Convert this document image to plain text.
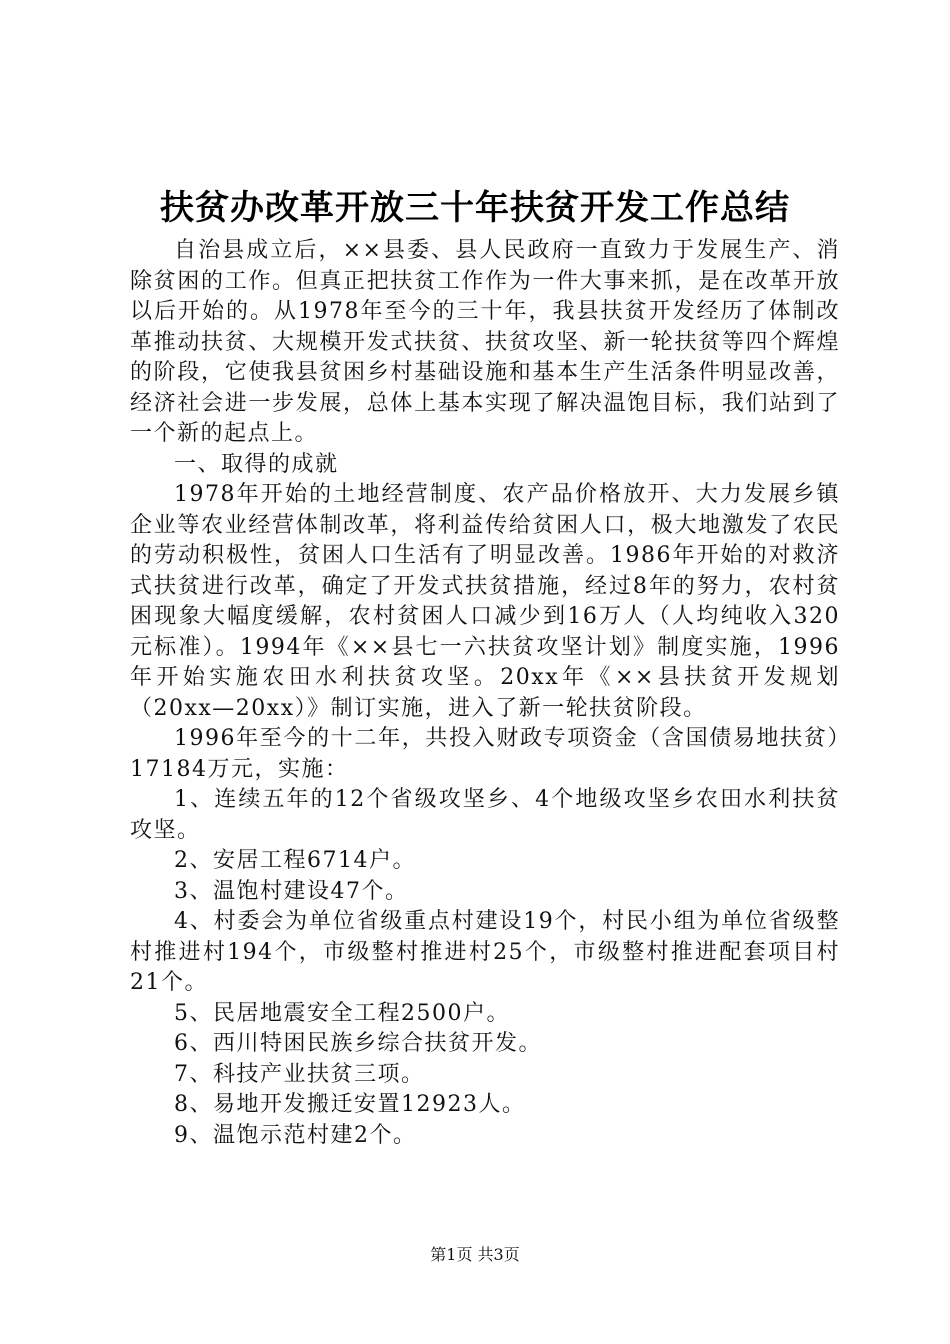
扶贫办改革开放三十年扶贫开发工作总结

自治县成立后，××县委、县人民政府一直致力于发展生产、消除贫困的工作。但真正把扶贫工作作为一件大事来抓，是在改革开放以后开始的。从1978年至今的三十年，我县扶贫开发经历了体制改革推动扶贫、大规模开发式扶贫、扶贫攻坚、新一轮扶贫等四个辉煌的阶段，它使我县贫困乡村基础设施和基本生产生活条件明显改善，经济社会进一步发展，总体上基本实现了解决温饱目标，我们站到了一个新的起点上。

一、取得的成就

1978年开始的土地经营制度、农产品价格放开、大力发展乡镇企业等农业经营体制改革，将利益传给贫困人口，极大地激发了农民的劳动积极性，贫困人口生活有了明显改善。1986年开始的对救济式扶贫进行改革，确定了开发式扶贫措施，经过8年的努力，农村贫困现象大幅度缓解，农村贫困人口减少到16万人（人均纯收入320元标准）。1994年《××县七一六扶贫攻坚计划》制度实施，1996年开始实施农田水利扶贫攻坚。20xx年《××县扶贫开发规划（20xx—20xx）》制订实施，进入了新一轮扶贫阶段。

1996年至今的十二年，共投入财政专项资金（含国债易地扶贫）17184万元，实施：

1、连续五年的12个省级攻坚乡、4个地级攻坚乡农田水利扶贫攻坚。

2、安居工程6714户。

3、温饱村建设47个。

4、村委会为单位省级重点村建设19个，村民小组为单位省级整村推进村194个，市级整村推进村25个，市级整村推进配套项目村21个。

5、民居地震安全工程2500户。

6、西川特困民族乡综合扶贫开发。

7、科技产业扶贫三项。

8、易地开发搬迁安置12923人。

9、温饱示范村建2个。

第1页 共3页
